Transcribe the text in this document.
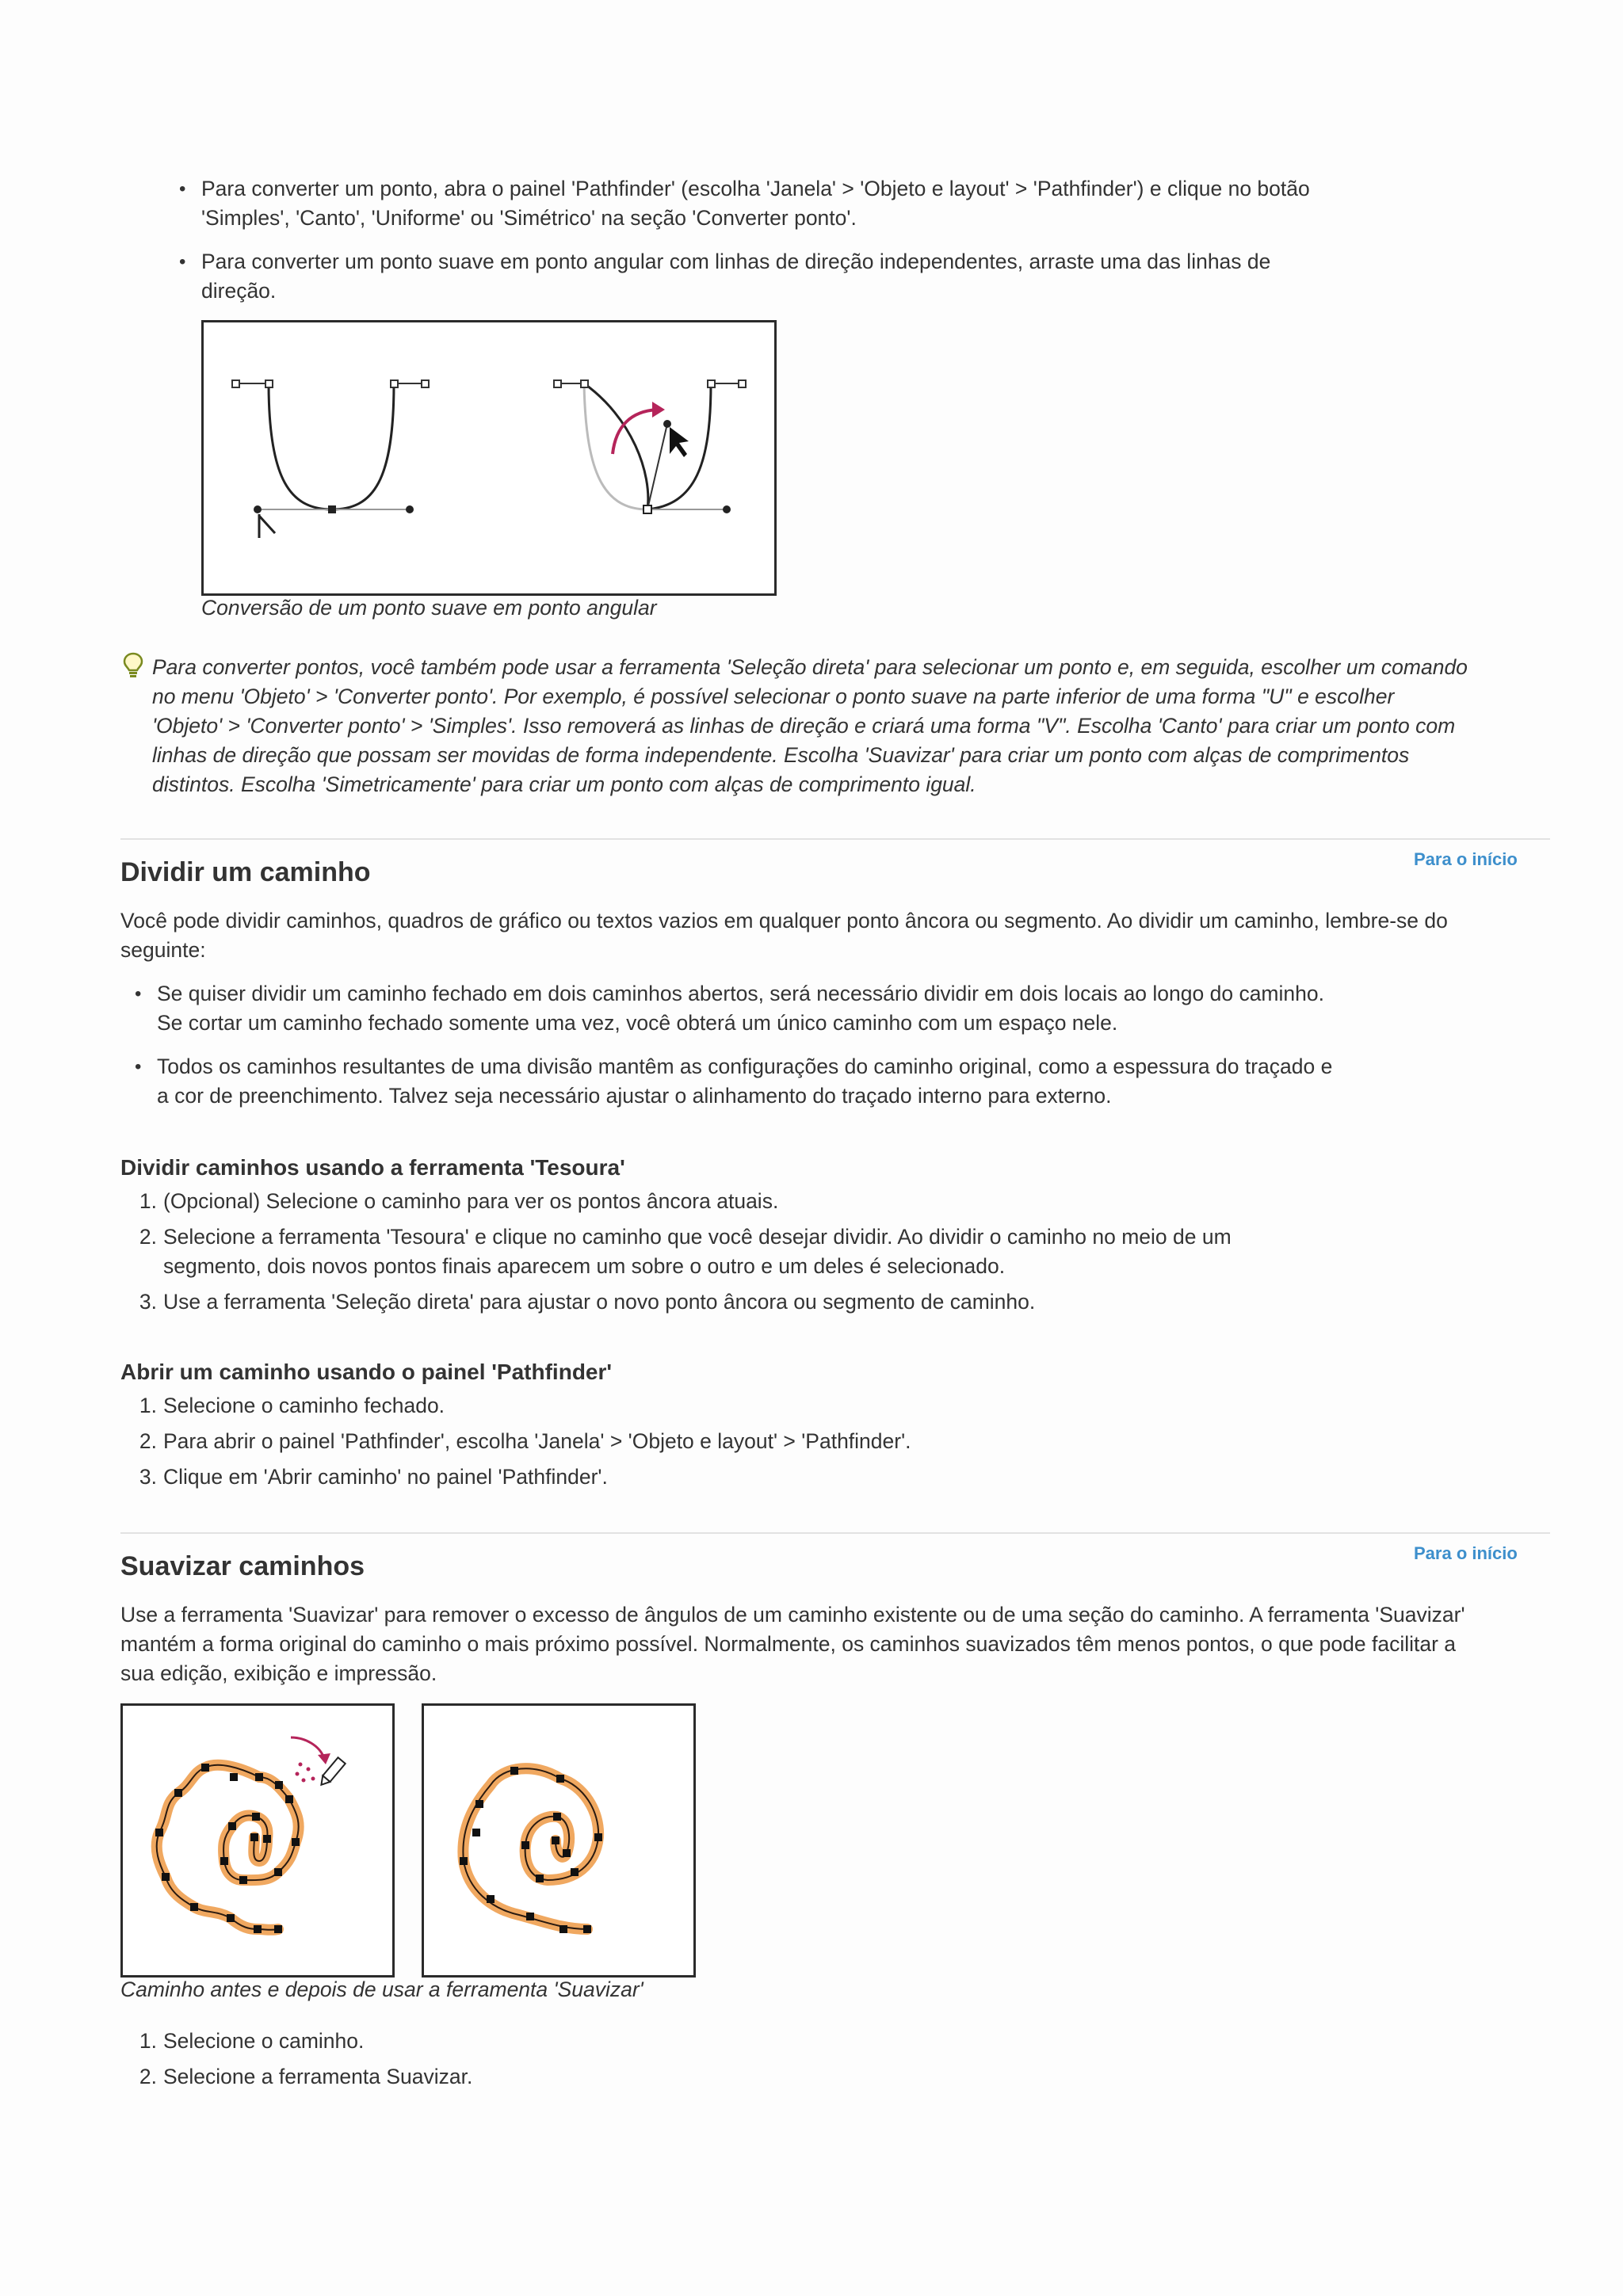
• Para converter um ponto, abra o painel 'Pathfinder' (escolha 'Janela' > 'Objeto e layout' > 'Pathfinder') e clique no botão
'Simples', 'Canto', 'Uniforme' ou 'Simétrico' na seção 'Converter ponto'.
• Para converter um ponto suave em ponto angular com linhas de direção independentes, arraste uma das linhas de
direção.
Conversão de um ponto suave em ponto angular
Para converter pontos, você também pode usar a ferramenta 'Seleção direta' para selecionar um ponto e, em seguida, escolher um comando
no menu 'Objeto' > 'Converter ponto'. Por exemplo, é possível selecionar o ponto suave na parte inferior de uma forma "U" e escolher
'Objeto' > 'Converter ponto' > 'Simples'. Isso removerá as linhas de direção e criará uma forma "V". Escolha 'Canto' para criar um ponto com
linhas de direção que possam ser movidas de forma independente. Escolha 'Suavizar' para criar um ponto com alças de comprimentos
distintos. Escolha 'Simetricamente' para criar um ponto com alças de comprimento igual.
Para o início
Dividir um caminho
Você pode dividir caminhos, quadros de gráfico ou textos vazios em qualquer ponto âncora ou segmento. Ao dividir um caminho, lembre-se do
seguinte:
• Se quiser dividir um caminho fechado em dois caminhos abertos, será necessário dividir em dois locais ao longo do caminho.
Se cortar um caminho fechado somente uma vez, você obterá um único caminho com um espaço nele.
• Todos os caminhos resultantes de uma divisão mantêm as configurações do caminho original, como a espessura do traçado e
a cor de preenchimento. Talvez seja necessário ajustar o alinhamento do traçado interno para externo.
Dividir caminhos usando a ferramenta 'Tesoura'
1. (Opcional) Selecione o caminho para ver os pontos âncora atuais.
2. Selecione a ferramenta 'Tesoura' e clique no caminho que você desejar dividir. Ao dividir o caminho no meio de um
segmento, dois novos pontos finais aparecem um sobre o outro e um deles é selecionado.
3. Use a ferramenta 'Seleção direta' para ajustar o novo ponto âncora ou segmento de caminho.
Abrir um caminho usando o painel 'Pathfinder'
1. Selecione o caminho fechado.
2. Para abrir o painel 'Pathfinder', escolha 'Janela' > 'Objeto e layout' > 'Pathfinder'.
3. Clique em 'Abrir caminho' no painel 'Pathfinder'.
Para o início
Suavizar caminhos
Use a ferramenta 'Suavizar' para remover o excesso de ângulos de um caminho existente ou de uma seção do caminho. A ferramenta 'Suavizar'
mantém a forma original do caminho o mais próximo possível. Normalmente, os caminhos suavizados têm menos pontos, o que pode facilitar a
sua edição, exibição e impressão.
Caminho antes e depois de usar a ferramenta 'Suavizar'
1. Selecione o caminho.
2. Selecione a ferramenta Suavizar.
